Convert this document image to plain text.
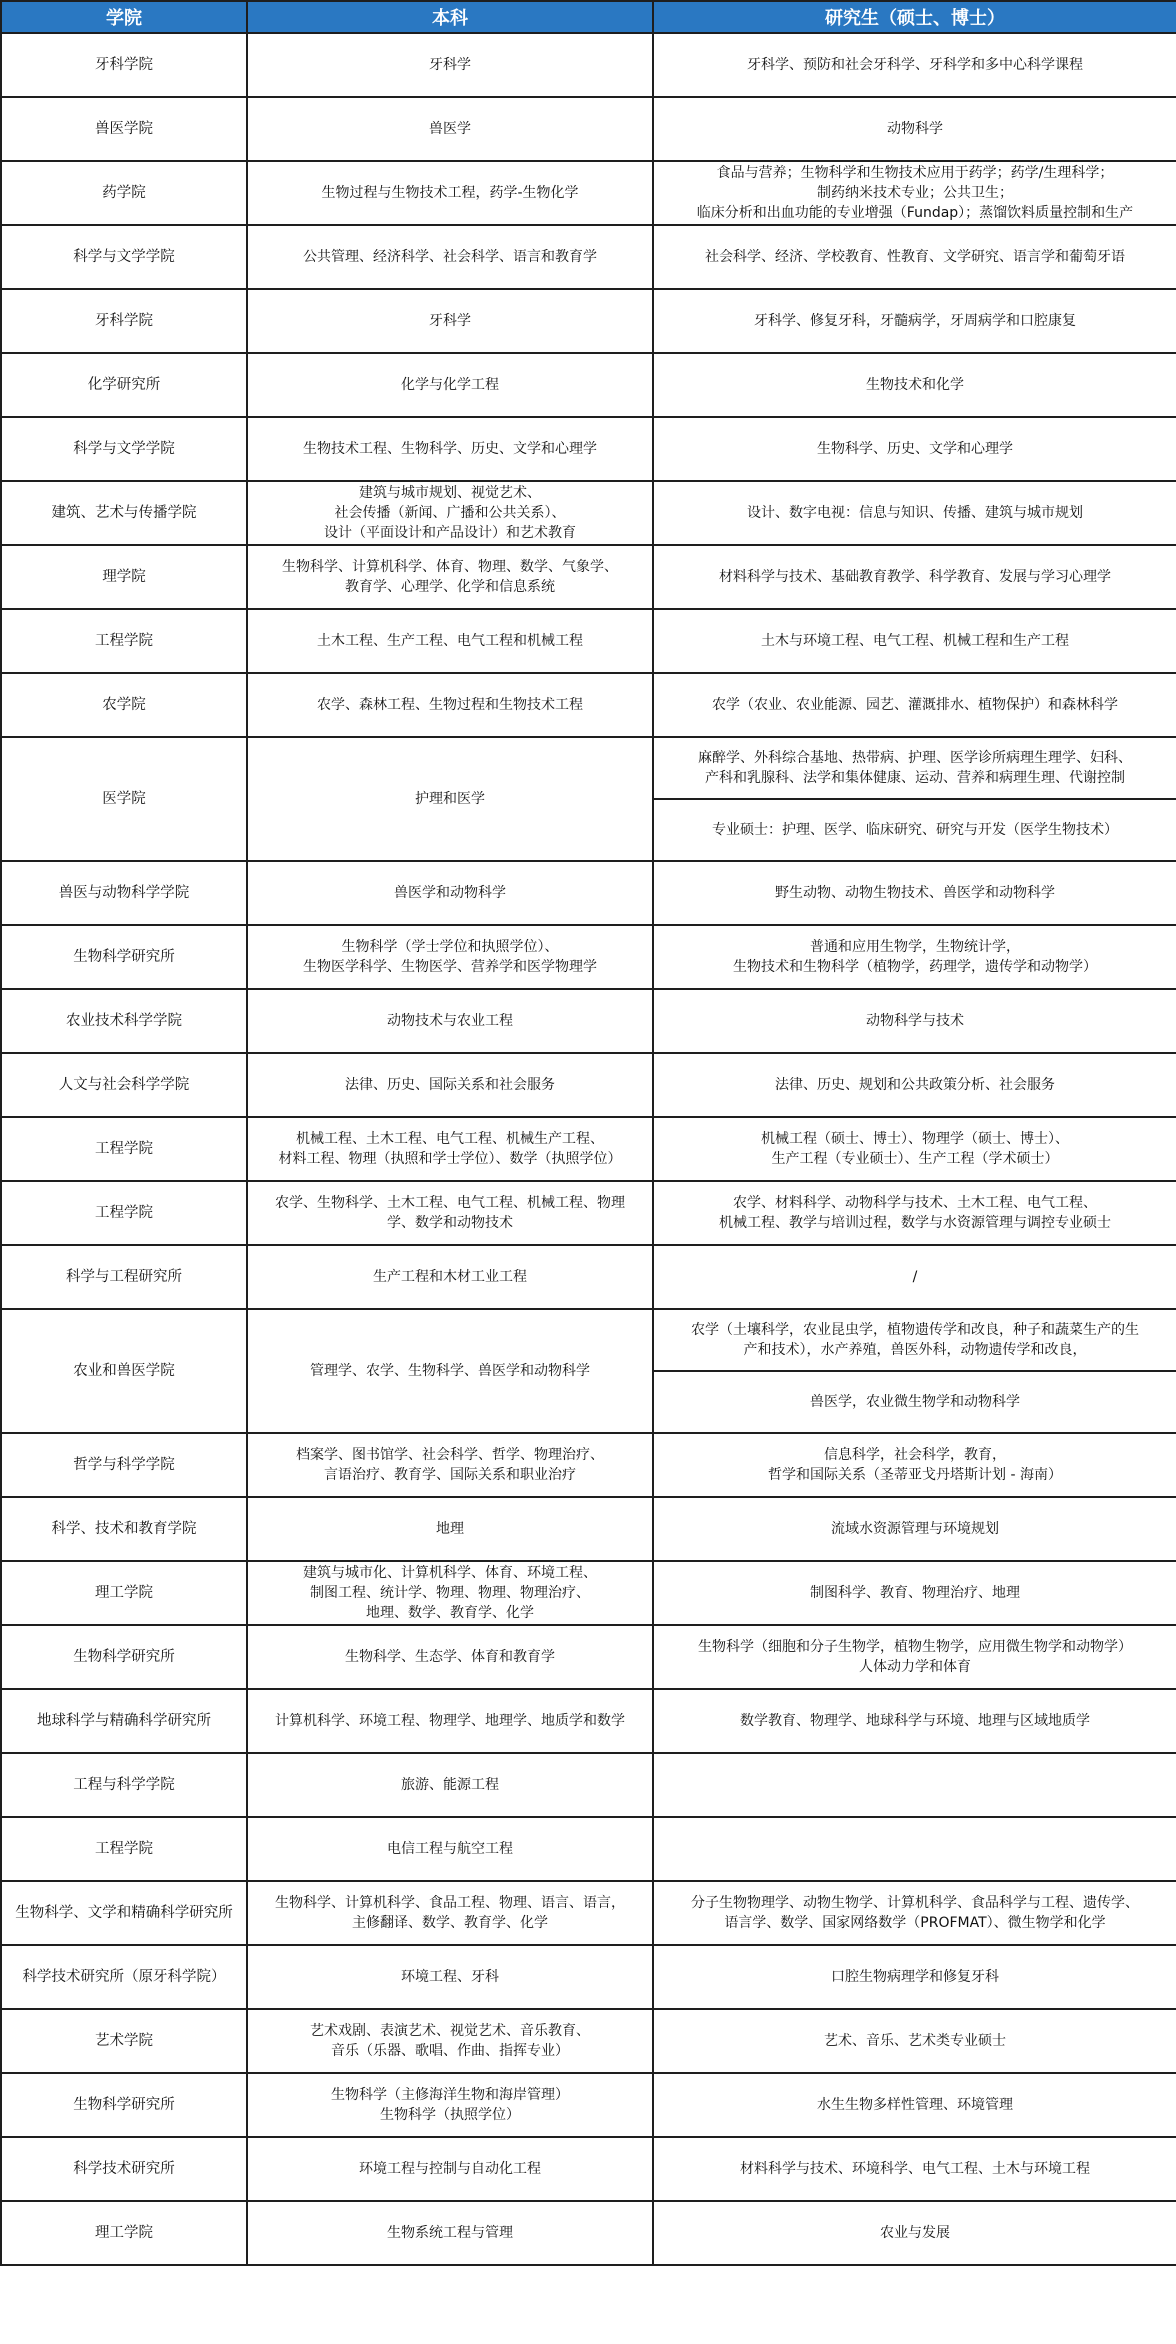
学院	本科	研究生（硕士、博士）
牙科学院	牙科学	牙科学、预防和社会牙科学、牙科学和多中心科学课程
兽医学院	兽医学	动物科学
药学院	生物过程与生物技术工程，药学-生物化学	食品与营养；生物科学和生物技术应用于药学；药学/生理科学；
制药纳米技术专业；公共卫生；
临床分析和出血功能的专业增强（Fundap）；蒸馏饮料质量控制和生产
科学与文学学院	公共管理、经济科学、社会科学、语言和教育学	社会科学、经济、学校教育、性教育、文学研究、语言学和葡萄牙语
牙科学院	牙科学	牙科学、修复牙科，牙髓病学，牙周病学和口腔康复
化学研究所	化学与化学工程	生物技术和化学
科学与文学学院	生物技术工程、生物科学、历史、文学和心理学	生物科学、历史、文学和心理学
建筑、艺术与传播学院	建筑与城市规划、视觉艺术、
社会传播（新闻、广播和公共关系）、
设计（平面设计和产品设计）和艺术教育	设计、数字电视：信息与知识、传播、建筑与城市规划
理学院	生物科学、计算机科学、体育、物理、数学、气象学、
教育学、心理学、化学和信息系统	材料科学与技术、基础教育教学、科学教育、发展与学习心理学
工程学院	土木工程、生产工程、电气工程和机械工程	土木与环境工程、电气工程、机械工程和生产工程
农学院	农学、森林工程、生物过程和生物技术工程	农学（农业、农业能源、园艺、灌溉排水、植物保护）和森林科学
医学院	护理和医学	麻醉学、外科综合基地、热带病、护理、医学诊所病理生理学、妇科、
产科和乳腺科、法学和集体健康、运动、营养和病理生理、代谢控制
		专业硕士：护理、医学、临床研究、研究与开发（医学生物技术）
兽医与动物科学学院	兽医学和动物科学	野生动物、动物生物技术、兽医学和动物科学
生物科学研究所	生物科学（学士学位和执照学位）、
生物医学科学、生物医学、营养学和医学物理学	普通和应用生物学，生物统计学，
生物技术和生物科学（植物学，药理学，遗传学和动物学）
农业技术科学学院	动物技术与农业工程	动物科学与技术
人文与社会科学学院	法律、历史、国际关系和社会服务	法律、历史、规划和公共政策分析、社会服务
工程学院	机械工程、土木工程、电气工程、机械生产工程、
材料工程、物理（执照和学士学位）、数学（执照学位）	机械工程（硕士、博士）、物理学（硕士、博士）、
生产工程（专业硕士）、生产工程（学术硕士）
工程学院	农学、生物科学、土木工程、电气工程、机械工程、物理
学、数学和动物技术	农学、材料科学、动物科学与技术、土木工程、电气工程、
机械工程、教学与培训过程，数学与水资源管理与调控专业硕士
科学与工程研究所	生产工程和木材工业工程	/
农业和兽医学院	管理学、农学、生物科学、兽医学和动物科学	农学（土壤科学，农业昆虫学，植物遗传学和改良，种子和蔬菜生产的生
产和技术），水产养殖，兽医外科，动物遗传学和改良，
		兽医学，农业微生物学和动物科学
哲学与科学学院	档案学、图书馆学、社会科学、哲学、物理治疗、
言语治疗、教育学、国际关系和职业治疗	信息科学，社会科学，教育，
哲学和国际关系（圣蒂亚戈丹塔斯计划 - 海南）
科学、技术和教育学院	地理	流域水资源管理与环境规划
理工学院	建筑与城市化、计算机科学、体育、环境工程、
制图工程、统计学、物理、物理、物理治疗、
地理、数学、教育学、化学	制图科学、教育、物理治疗、地理
生物科学研究所	生物科学、生态学、体育和教育学	生物科学（细胞和分子生物学，植物生物学，应用微生物学和动物学）
人体动力学和体育
地球科学与精确科学研究所	计算机科学、环境工程、物理学、地理学、地质学和数学	数学教育、物理学、地球科学与环境、地理与区域地质学
工程与科学学院	旅游、能源工程	
工程学院	电信工程与航空工程	
生物科学、文学和精确科学研究所	生物科学、计算机科学、食品工程、物理、语言、语言，
主修翻译、数学、教育学、化学	分子生物物理学、动物生物学、计算机科学、食品科学与工程、遗传学、
语言学、数学、国家网络数学（PROFMAT）、微生物学和化学
科学技术研究所（原牙科学院）	环境工程、牙科	口腔生物病理学和修复牙科
艺术学院	艺术戏剧、表演艺术、视觉艺术、音乐教育、
音乐（乐器、歌唱、作曲、指挥专业）	艺术、音乐、艺术类专业硕士
生物科学研究所	生物科学（主修海洋生物和海岸管理）
生物科学（执照学位）	水生生物多样性管理、环境管理
科学技术研究所	环境工程与控制与自动化工程	材料科学与技术、环境科学、电气工程、土木与环境工程
理工学院	生物系统工程与管理	农业与发展
